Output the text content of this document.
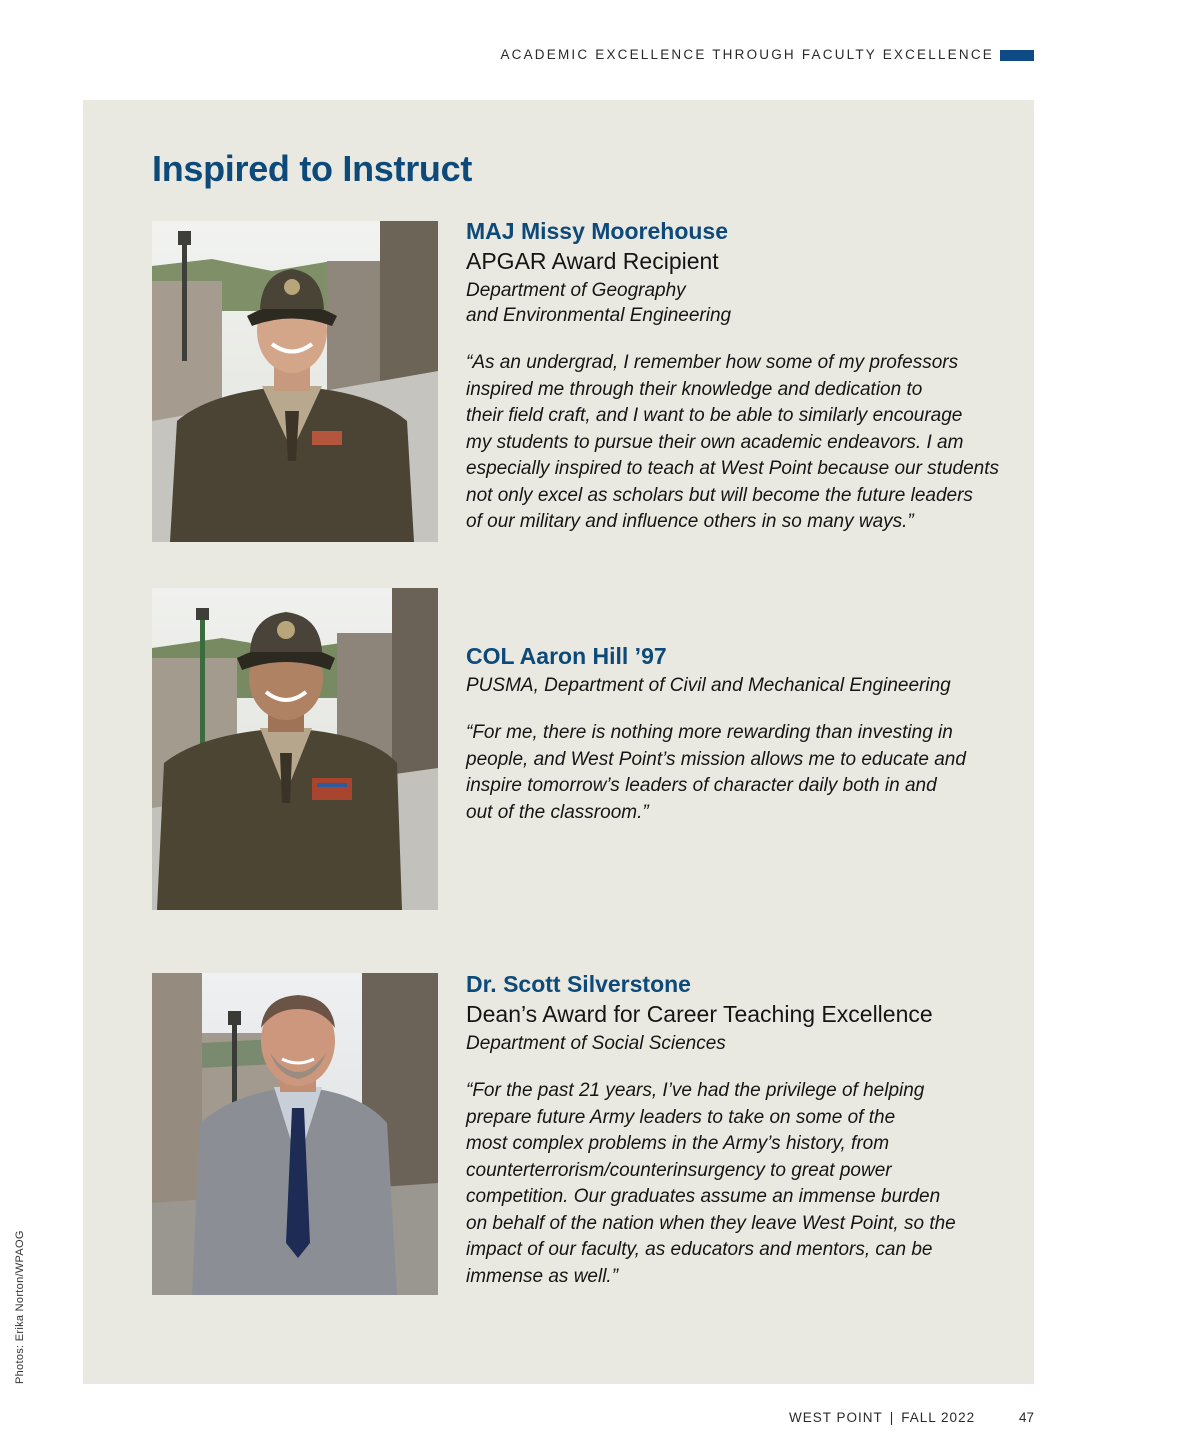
ACADEMIC EXCELLENCE THROUGH FACULTY EXCELLENCE
Inspired to Instruct

MAJ Missy Moorehouse

APGAR Award Recipient

Department of Geography
and Environmental Engineering

“As an undergrad, I remember how some of my professors
inspired me through their knowledge and dedication to
their field craft, and I want to be able to similarly encourage
my students to pursue their own academic endeavors. I am
especially inspired to teach at West Point because our students
not only excel as scholars but will become the future leaders
of our military and influence others in so many ways.”

COL Aaron Hill ’97

PUSMA, Department of Civil and Mechanical Engineering

“For me, there is nothing more rewarding than investing in
people, and West Point’s mission allows me to educate and
inspire tomorrow’s leaders of character daily both in and
out of the classroom.”

Dr. Scott Silverstone

Dean’s Award for Career Teaching Excellence

Department of Social Sciences

“For the past 21 years, I’ve had the privilege of helping
prepare future Army leaders to take on some of the
most complex problems in the Army’s history, from
counterterrorism/counterinsurgency to great power
competition. Our graduates assume an immense burden
on behalf of the nation when they leave West Point, so the
impact of our faculty, as educators and mentors, can be
immense as well.”

Photos: Erika Norton/WPAOG
WEST POINT | FALL 2022	47
